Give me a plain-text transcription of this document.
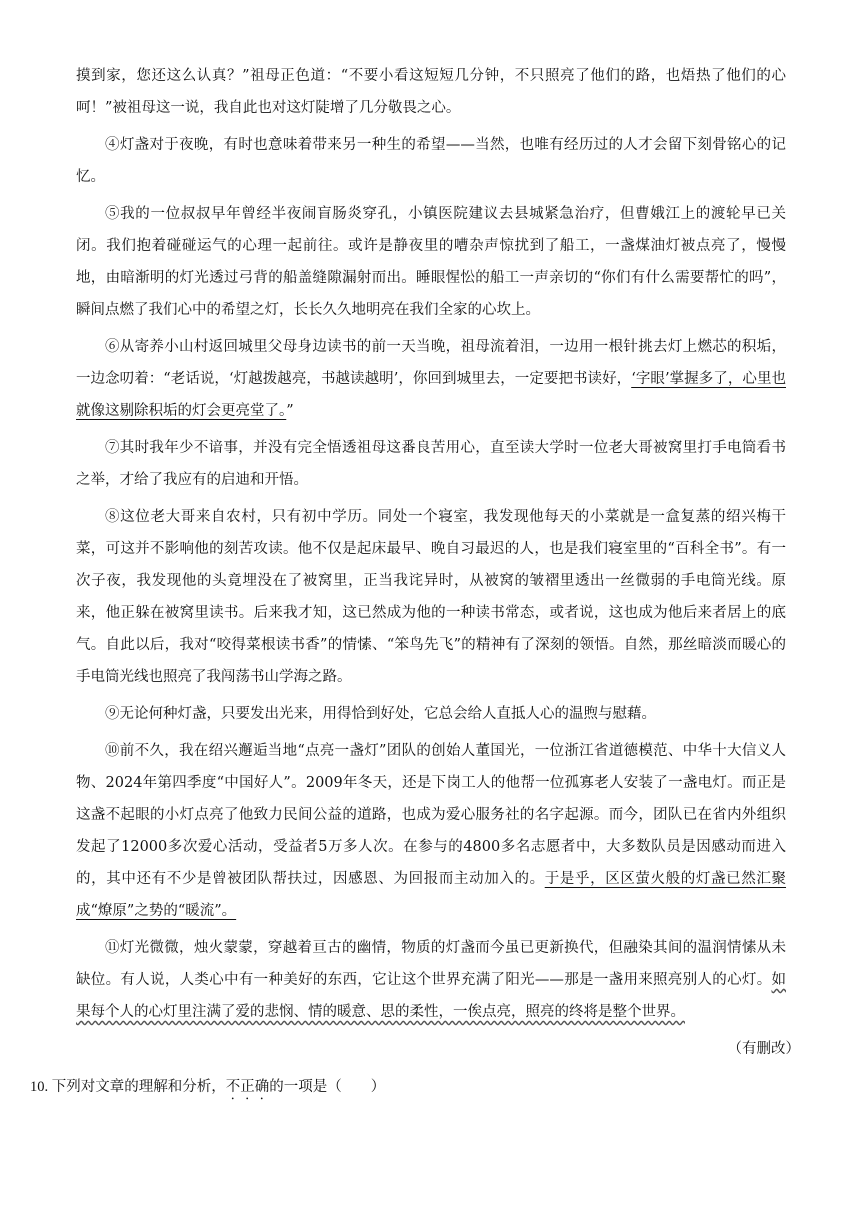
摸到家，您还这么认真？”祖母正色道：“不要小看这短短几分钟，不只照亮了他们的路，也焐热了他们的心呵！”被祖母这一说，我自此也对这灯陡增了几分敬畏之心。

④灯盏对于夜晚，有时也意味着带来另一种生的希望——当然，也唯有经历过的人才会留下刻骨铭心的记忆。

⑤我的一位叔叔早年曾经半夜闹盲肠炎穿孔，小镇医院建议去县城紧急治疗，但曹娥江上的渡轮早已关闭。我们抱着碰碰运气的心理一起前往。或许是静夜里的嘈杂声惊扰到了船工，一盏煤油灯被点亮了，慢慢地，由暗渐明的灯光透过弓背的船盖缝隙漏射而出。睡眼惺忪的船工一声亲切的“你们有什么需要帮忙的吗”，瞬间点燃了我们心中的希望之灯，长长久久地明亮在我们全家的心坎上。

⑥从寄养小山村返回城里父母身边读书的前一天当晚，祖母流着泪，一边用一根针挑去灯上燃芯的积垢，一边念叨着：“老话说，‘灯越拨越亮，书越读越明’，你回到城里去，一定要把书读好，‘字眼’掌握多了，心里也就像这剔除积垢的灯会更亮堂了。”

⑦其时我年少不谙事，并没有完全悟透祖母这番良苦用心，直至读大学时一位老大哥被窝里打手电筒看书之举，才给了我应有的启迪和开悟。

⑧这位老大哥来自农村，只有初中学历。同处一个寝室，我发现他每天的小菜就是一盒复蒸的绍兴梅干菜，可这并不影响他的刻苦攻读。他不仅是起床最早、晚自习最迟的人，也是我们寝室里的“百科全书”。有一次子夜，我发现他的头竟埋没在了被窝里，正当我诧异时，从被窝的皱褶里透出一丝微弱的手电筒光线。原来，他正躲在被窝里读书。后来我才知，这已然成为他的一种读书常态，或者说，这也成为他后来者居上的底气。自此以后，我对“咬得菜根读书香”的情愫、“笨鸟先飞”的精神有了深刻的领悟。自然，那丝暗淡而暖心的手电筒光线也照亮了我闯荡书山学海之路。

⑨无论何种灯盏，只要发出光来，用得恰到好处，它总会给人直抵人心的温煦与慰藉。

⑩前不久，我在绍兴邂逅当地“点亮一盏灯”团队的创始人董国光，一位浙江省道德模范、中华十大信义人物、2024年第四季度“中国好人”。2009年冬天，还是下岗工人的他帮一位孤寡老人安装了一盏电灯。而正是这盏不起眼的小灯点亮了他致力民间公益的道路，也成为爱心服务社的名字起源。而今，团队已在省内外组织发起了12000多次爱心活动，受益者5万多人次。在参与的4800多名志愿者中，大多数队员是因感动而进入的，其中还有不少是曾被团队帮扶过，因感恩、为回报而主动加入的。于是乎，区区萤火般的灯盏已然汇聚成“燎原”之势的“暖流”。

⑪灯光微微，烛火蒙蒙，穿越着亘古的幽情，物质的灯盏而今虽已更新换代，但融染其间的温润情愫从未缺位。有人说，人类心中有一种美好的东西，它让这个世界充满了阳光——那是一盏用来照亮别人的心灯。如果每个人的心灯里注满了爱的悲悯、情的暖意、思的柔性，一俟点亮，照亮的终将是整个世界。

（有删改）

10. 下列对文章的理解和分析，不正确的一项是（　　）
